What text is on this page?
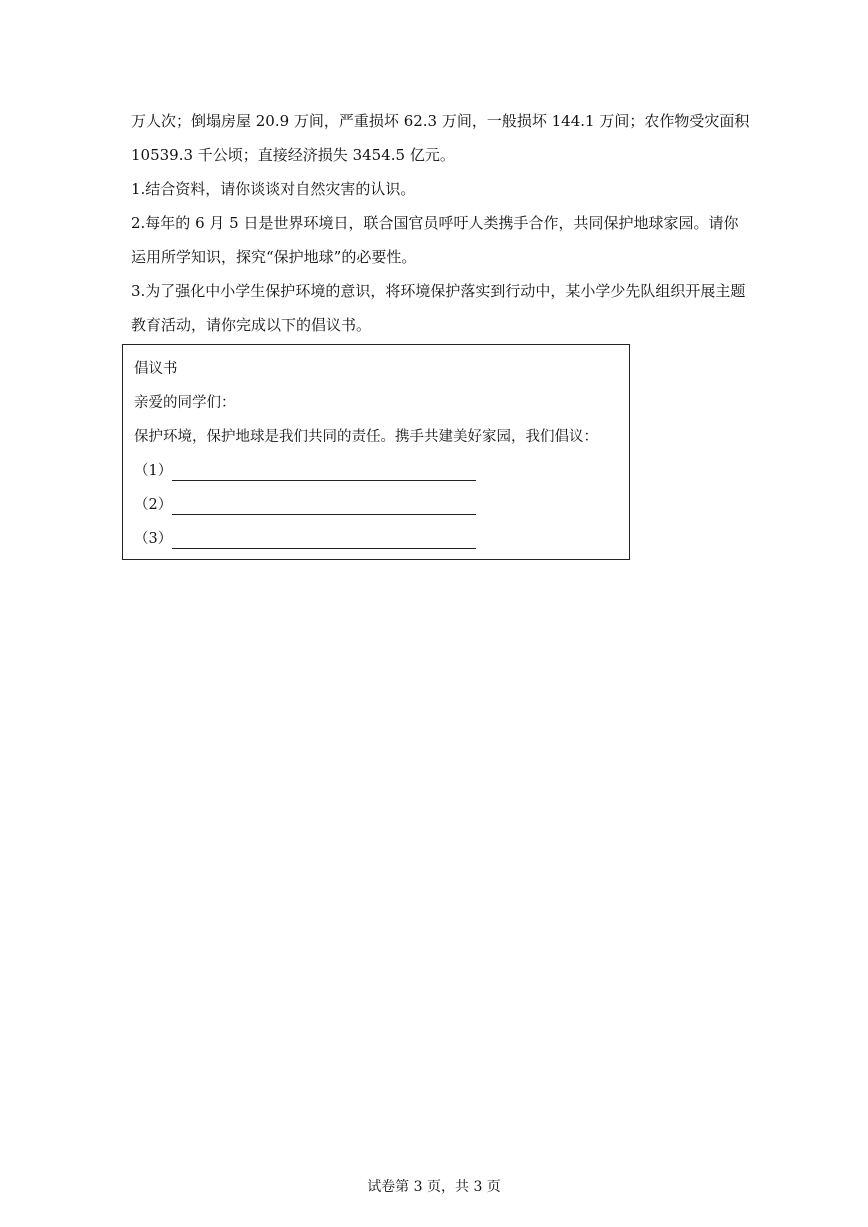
万人次；倒塌房屋 20.9 万间，严重损坏 62.3 万间，一般损坏 144.1 万间；农作物受灾面积 10539.3 千公顷；直接经济损失 3454.5 亿元。

1.结合资料，请你谈谈对自然灾害的认识。

2.每年的 6 月 5 日是世界环境日，联合国官员呼吁人类携手合作，共同保护地球家园。请你运用所学知识，探究“保护地球”的必要性。

3.为了强化中小学生保护环境的意识，将环境保护落实到行动中，某小学少先队组织开展主题教育活动，请你完成以下的倡议书。

倡议书

亲爱的同学们：

保护环境，保护地球是我们共同的责任。携手共建美好家园，我们倡议：

（1）
（2）
（3）
试卷第 3 页，共 3 页
